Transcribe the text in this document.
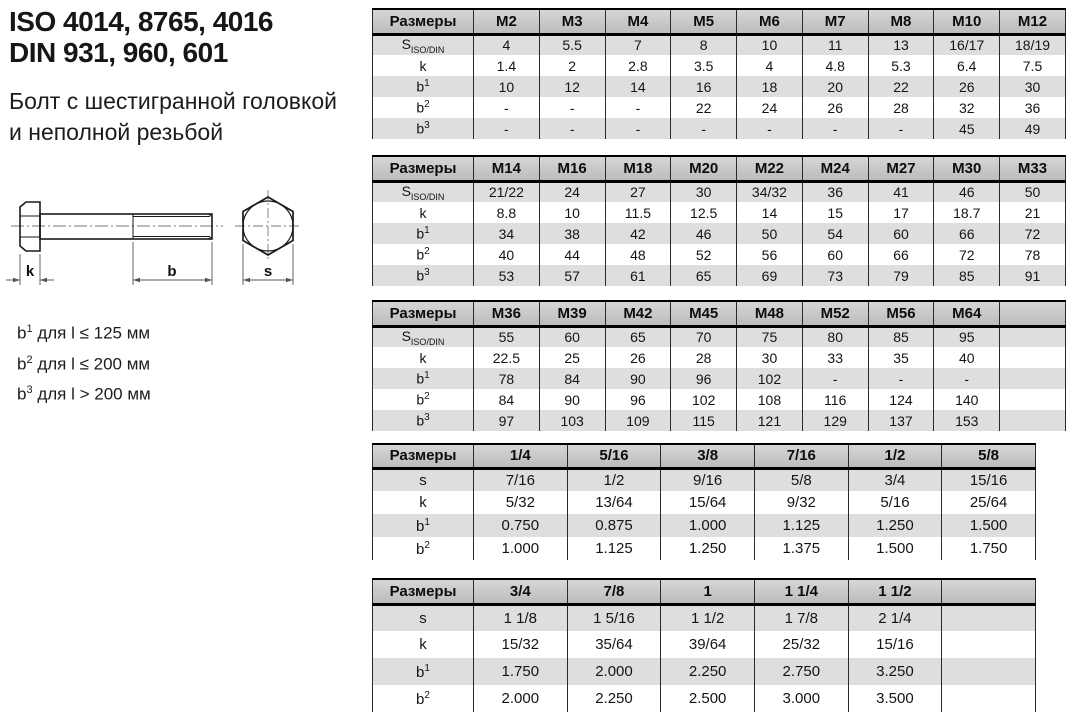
ISO 4014, 8765, 4016
DIN 931, 960, 601
Болт с шестигранной головкой
и неполной резьбой
k	b	s
b$^1$ для l ≤ 125 мм
b$^2$ для l ≤ 200 мм
b$^3$ для l > 200 мм
Размеры	M2	M3	M4	M5	M6	M7	M8	M10	M12
$S_{ISO/DIN}$	4	5.5	7	8	10	11	13	16/17	18/19
k	1.4	2	2.8	3.5	4	4.8	5.3	6.4	7.5
$b^1$	10	12	14	16	18	20	22	26	30
$b^2$	-	-	-	22	24	26	28	32	36
$b^3$	-	-	-	-	-	-	-	45	49
Размеры	M14	M16	M18	M20	M22	M24	M27	M30	M33
$S_{ISO/DIN}$	21/22	24	27	30	34/32	36	41	46	50
k	8.8	10	11.5	12.5	14	15	17	18.7	21
$b^1$	34	38	42	46	50	54	60	66	72
$b^2$	40	44	48	52	56	60	66	72	78
$b^3$	53	57	61	65	69	73	79	85	91
Размеры	M36	M39	M42	M45	M48	M52	M56	M64	
$S_{ISO/DIN}$	55	60	65	70	75	80	85	95	
k	22.5	25	26	28	30	33	35	40	
$b^1$	78	84	90	96	102	-	-	-	
$b^2$	84	90	96	102	108	116	124	140	
$b^3$	97	103	109	115	121	129	137	153	
Размеры	1/4	5/16	3/8	7/16	1/2	5/8
s	7/16	1/2	9/16	5/8	3/4	15/16
k	5/32	13/64	15/64	9/32	5/16	25/64
$b^1$	0.750	0.875	1.000	1.125	1.250	1.500
$b^2$	1.000	1.125	1.250	1.375	1.500	1.750
Размеры	3/4	7/8	1	1 1/4	1 1/2	
s	1 1/8	1 5/16	1 1/2	1 7/8	2 1/4	
k	15/32	35/64	39/64	25/32	15/16	
$b^1$	1.750	2.000	2.250	2.750	3.250	
$b^2$	2.000	2.250	2.500	3.000	3.500	
